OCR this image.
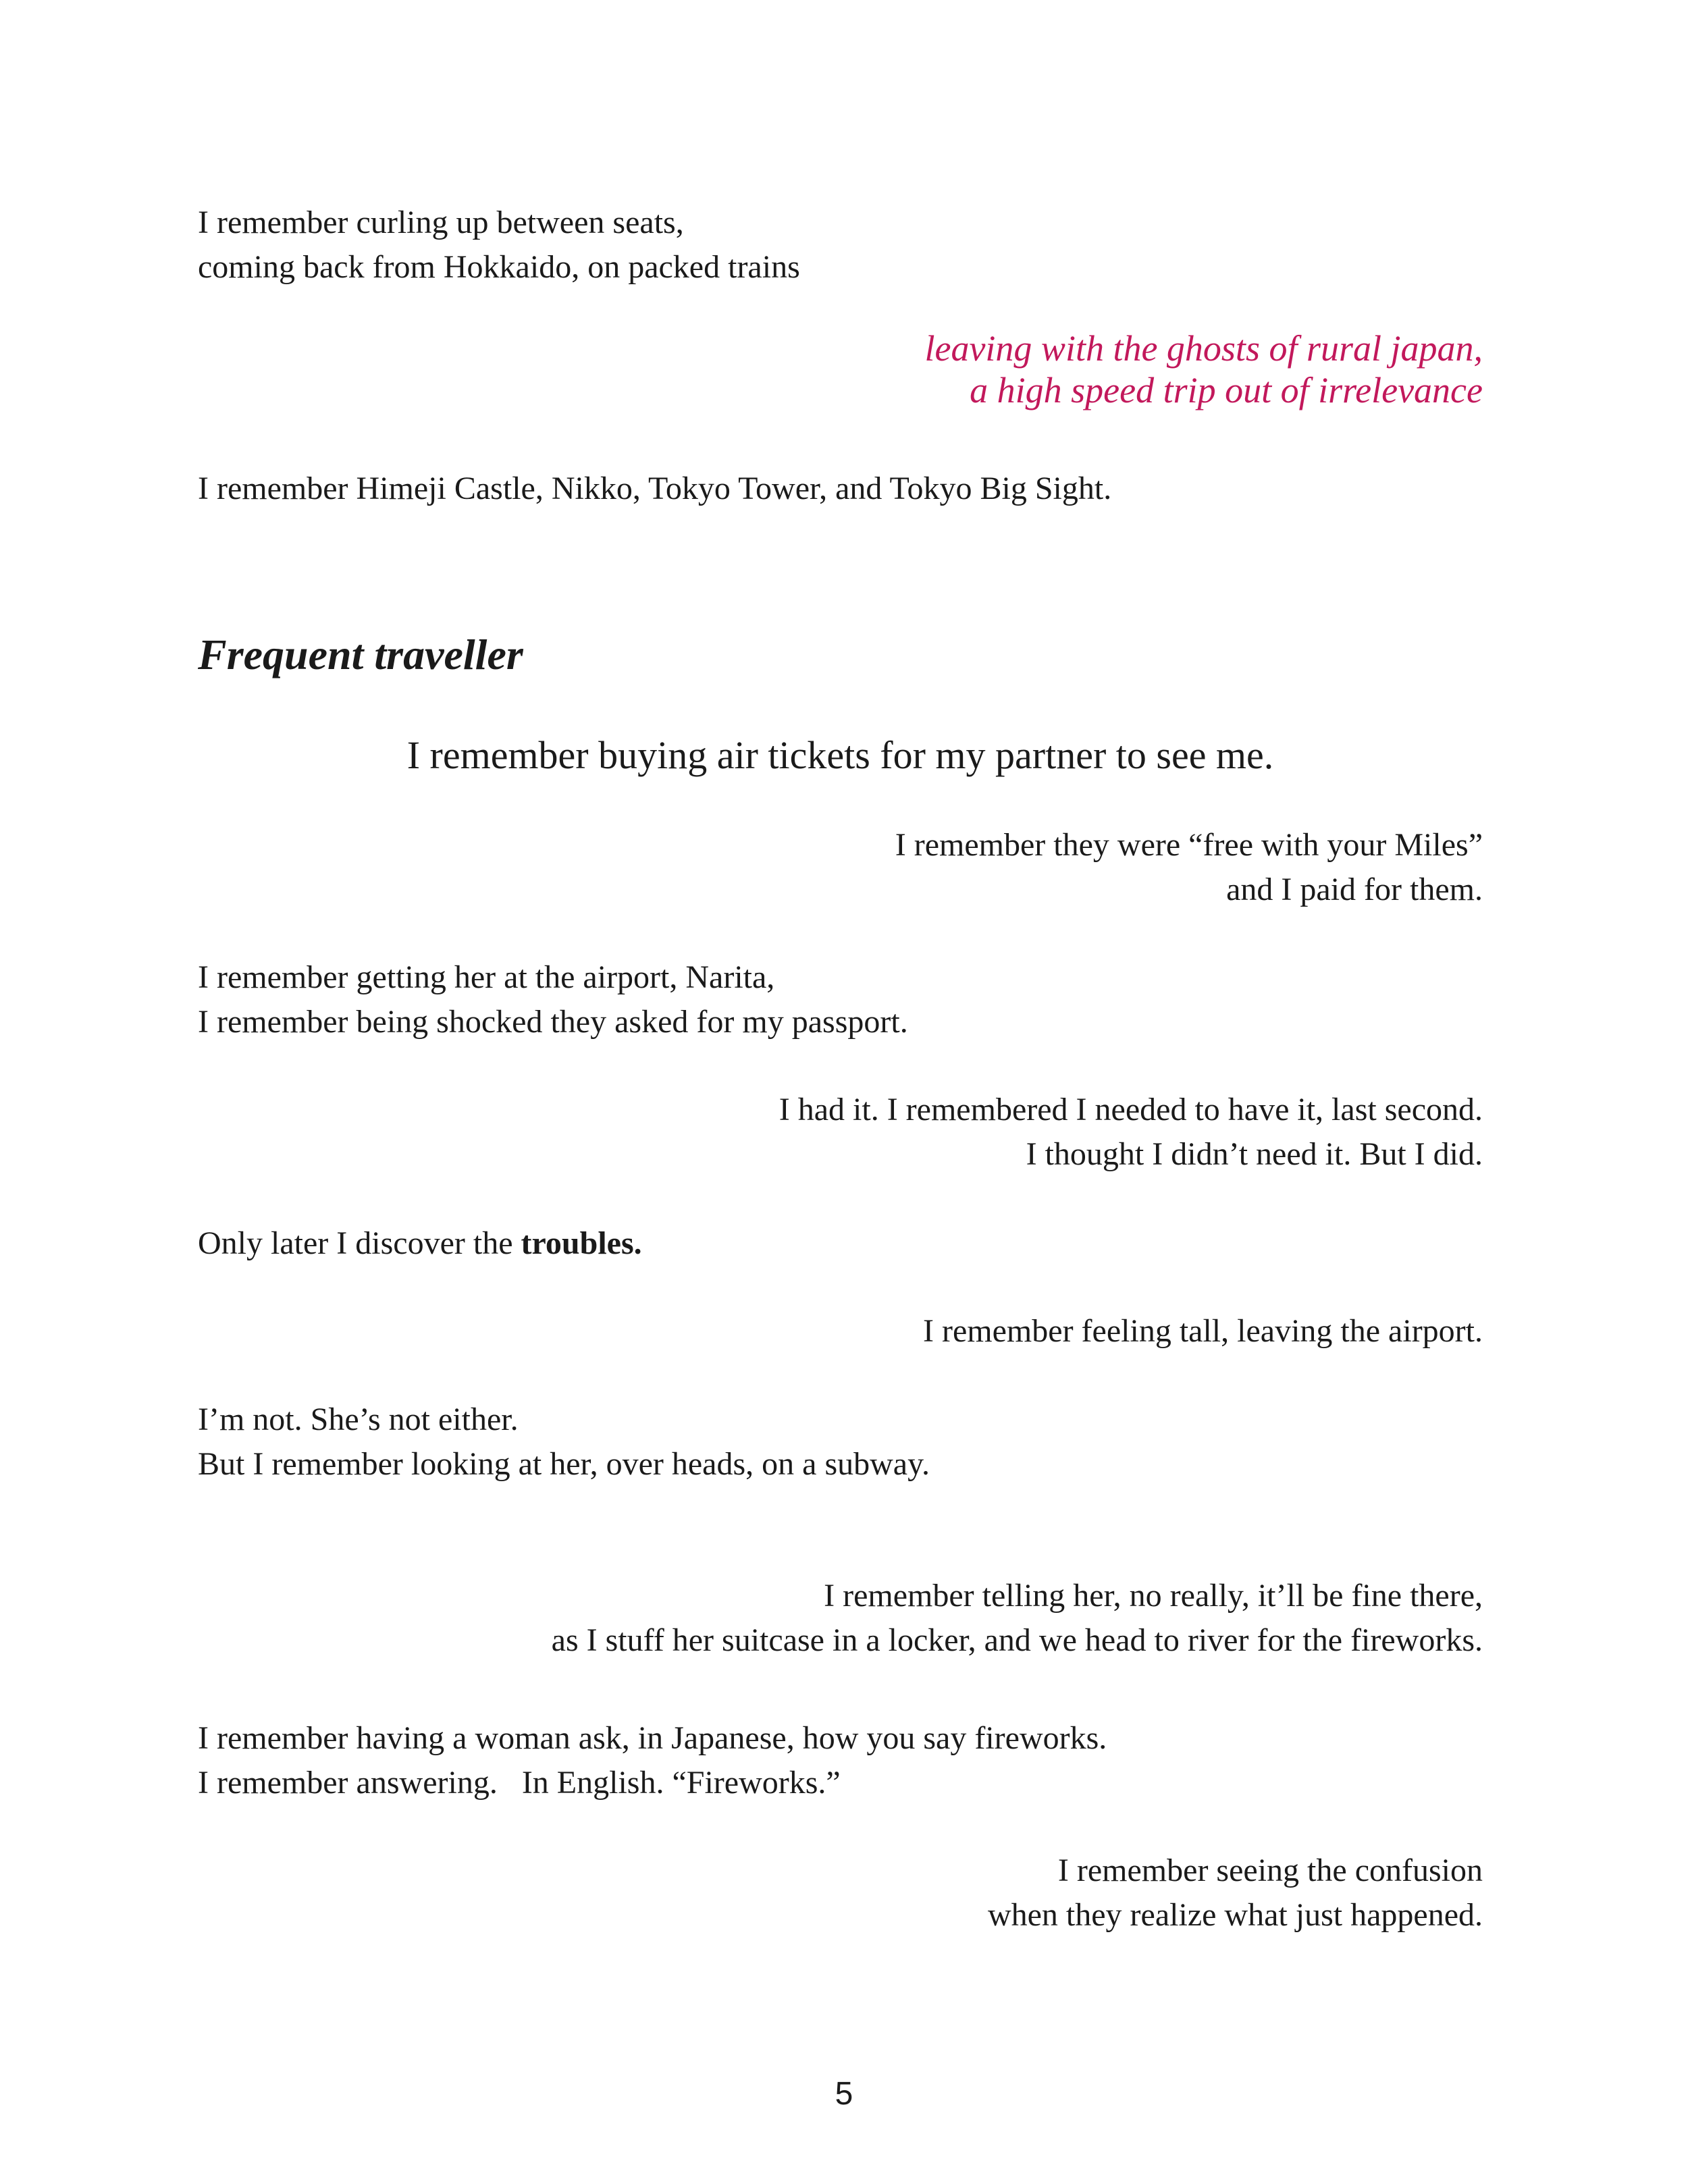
I remember curling up between seats,
coming back from Hokkaido, on packed trains

leaving with the ghosts of rural japan,
a high speed trip out of irrelevance

I remember Himeji Castle, Nikko, Tokyo Tower, and Tokyo Big Sight.

Frequent traveller

I remember buying air tickets for my partner to see me.

I remember they were “free with your Miles”
and I paid for them.

I remember getting her at the airport, Narita,
I remember being shocked they asked for my passport.

I had it. I remembered I needed to have it, last second.
I thought I didn’t need it. But I did.

Only later I discover the troubles.

I remember feeling tall, leaving the airport.

I’m not. She’s not either.
But I remember looking at her, over heads, on a subway.

I remember telling her, no really, it’ll be fine there,
as I stuff her suitcase in a locker, and we head to river for the fireworks.

I remember having a woman ask, in Japanese, how you say fireworks.
I remember answering.   In English. “Fireworks.”

I remember seeing the confusion
when they realize what just happened.

5
